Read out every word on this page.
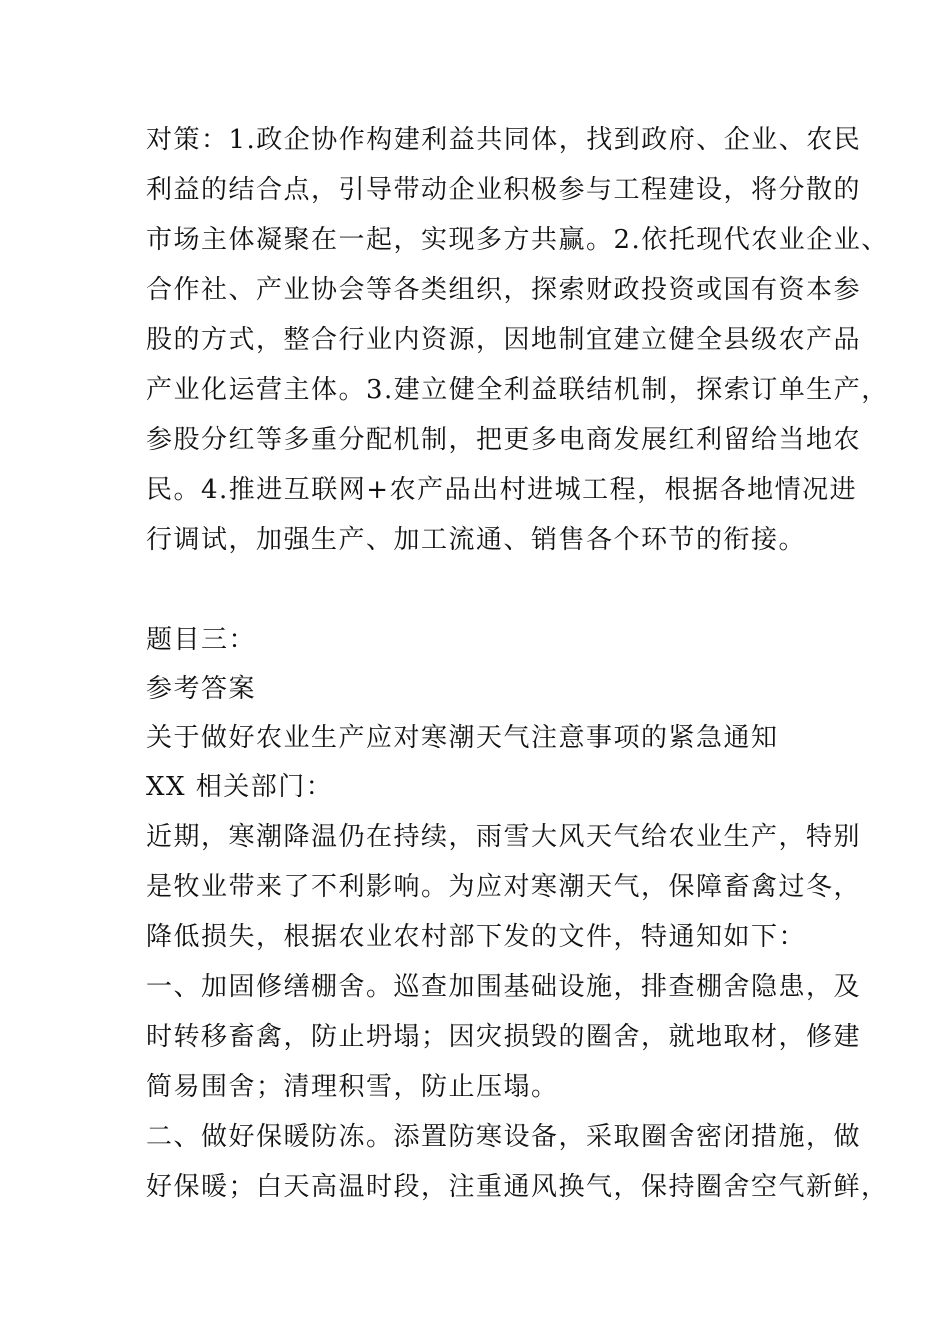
对策：1.政企协作构建利益共同体，找到政府、企业、农民
利益的结合点，引导带动企业积极参与工程建设，将分散的
市场主体凝聚在一起，实现多方共赢。2.依托现代农业企业、
合作社、产业协会等各类组织，探索财政投资或国有资本参
股的方式，整合行业内资源，因地制宜建立健全县级农产品
产业化运营主体。3.建立健全利益联结机制，探索订单生产，
参股分红等多重分配机制，把更多电商发展红利留给当地农
民。4.推进互联网+农产品出村进城工程，根据各地情况进
行调试，加强生产、加工流通、销售各个环节的衔接。
题目三：
参考答案
关于做好农业生产应对寒潮天气注意事项的紧急通知
XX 相关部门：
近期，寒潮降温仍在持续，雨雪大风天气给农业生产，特别
是牧业带来了不利影响。为应对寒潮天气，保障畜禽过冬，
降低损失，根据农业农村部下发的文件，特通知如下：
一、加固修缮棚舍。巡查加围基础设施，排查棚舍隐患，及
时转移畜禽，防止坍塌；因灾损毁的圈舍，就地取材，修建
简易围舍；清理积雪，防止压塌。
二、做好保暖防冻。添置防寒设备，采取圈舍密闭措施，做
好保暖；白天高温时段，注重通风换气，保持圈舍空气新鲜，
